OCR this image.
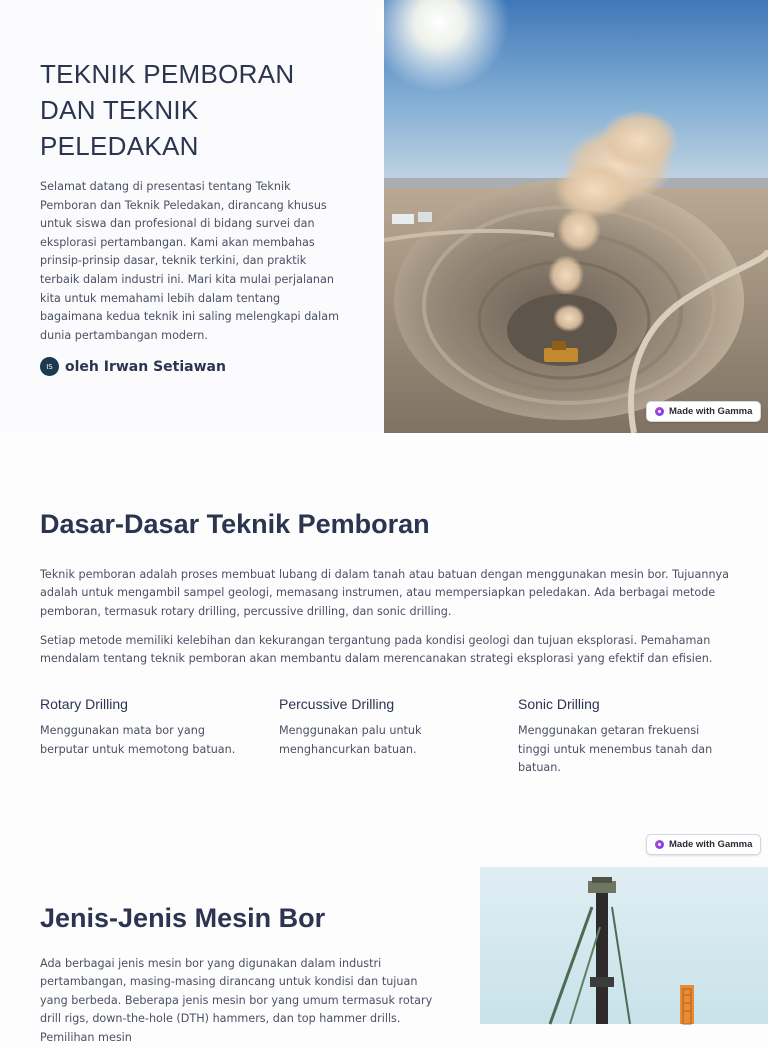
TEKNIK PEMBORAN
DAN TEKNIK
PELEDAKAN

Selamat datang di presentasi tentang Teknik Pemboran dan Teknik Peledakan, dirancang khusus untuk siswa dan profesional di bidang survei dan eksplorasi pertambangan. Kami akan membahas prinsip-prinsip dasar, teknik terkini, dan praktik terbaik dalam industri ini. Mari kita mulai perjalanan kita untuk memahami lebih dalam tentang bagaimana kedua teknik ini saling melengkapi dalam dunia pertambangan modern.

IS oleh Irwan Setiawan
Made with Gamma
Dasar-Dasar Teknik Pemboran

Teknik pemboran adalah proses membuat lubang di dalam tanah atau batuan dengan menggunakan mesin bor. Tujuannya adalah untuk mengambil sampel geologi, memasang instrumen, atau mempersiapkan peledakan. Ada berbagai metode pemboran, termasuk rotary drilling, percussive drilling, dan sonic drilling.

Setiap metode memiliki kelebihan dan kekurangan tergantung pada kondisi geologi dan tujuan eksplorasi. Pemahaman mendalam tentang teknik pemboran akan membantu dalam merencanakan strategi eksplorasi yang efektif dan efisien.

Rotary Drilling
Menggunakan mata bor yang berputar untuk memotong batuan.
Percussive Drilling
Menggunakan palu untuk menghancurkan batuan.
Sonic Drilling
Menggunakan getaran frekuensi tinggi untuk menembus tanah dan batuan.
Made with Gamma
Jenis-Jenis Mesin Bor

Ada berbagai jenis mesin bor yang digunakan dalam industri pertambangan, masing-masing dirancang untuk kondisi dan tujuan yang berbeda. Beberapa jenis mesin bor yang umum termasuk rotary drill rigs, down-the-hole (DTH) hammers, dan top hammer drills. Pemilihan mesin
